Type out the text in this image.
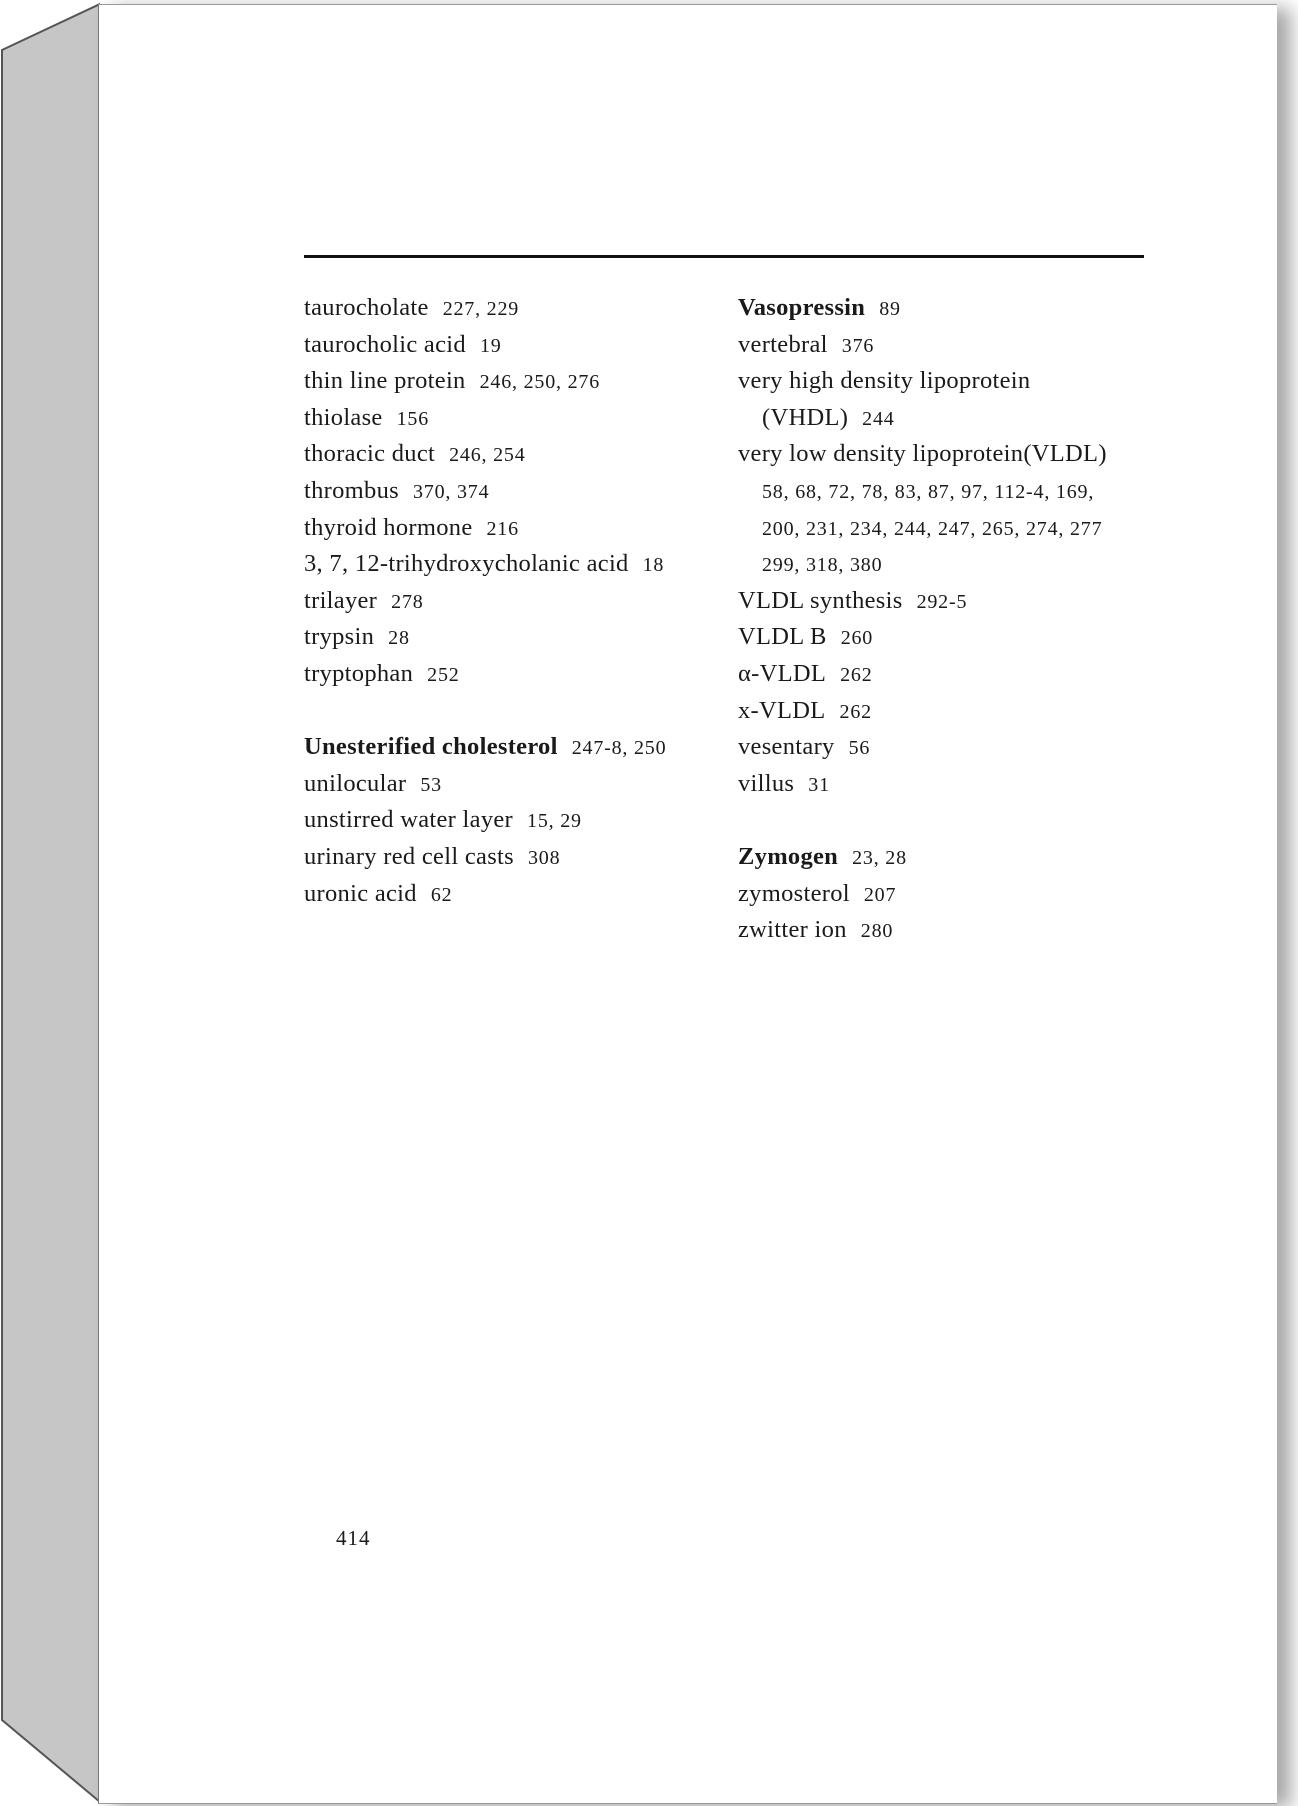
taurocholate 227, 229
taurocholic acid 19
thin line protein 246, 250, 276
thiolase 156
thoracic duct 246, 254
thrombus 370, 374
thyroid hormone 216
3, 7, 12-trihydroxycholanic acid 18
trilayer 278
trypsin 28
tryptophan 252
Unesterified cholesterol 247-8, 250
unilocular 53
unstirred water layer 15, 29
urinary red cell casts 308
uronic acid 62
Vasopressin 89
vertebral 376
very high density lipoprotein
(VHDL) 244
very low density lipoprotein(VLDL)
58, 68, 72, 78, 83, 87, 97, 112-4, 169,
200, 231, 234, 244, 247, 265, 274, 277
299, 318, 380
VLDL synthesis 292-5
VLDL B 260
α-VLDL 262
x-VLDL 262
vesentary 56
villus 31
Zymogen 23, 28
zymosterol 207
zwitter ion 280
414
